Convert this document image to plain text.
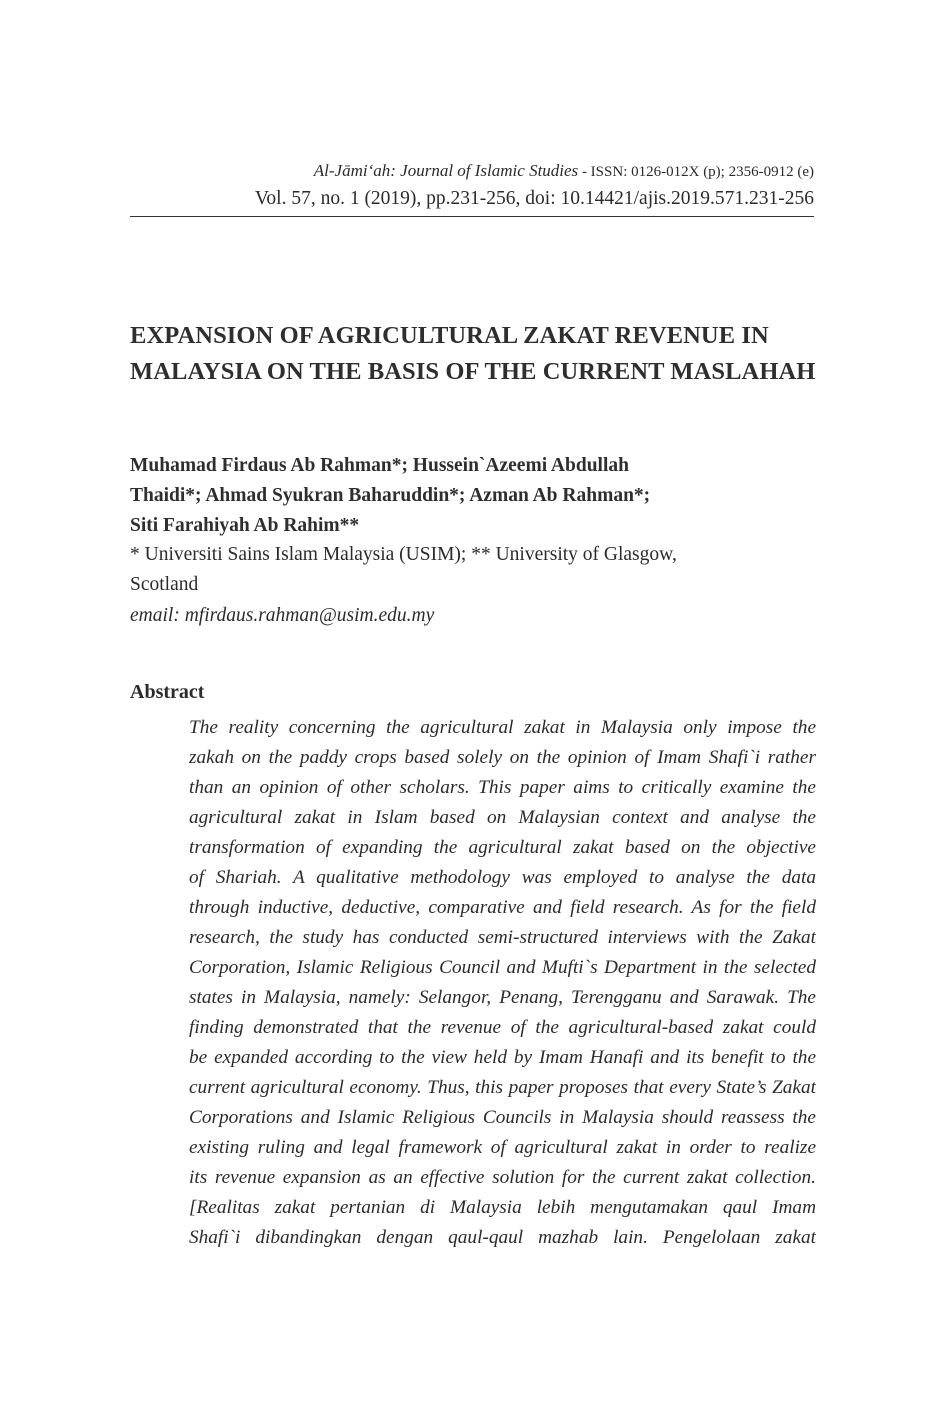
Al-Jāmi‘ah: Journal of Islamic Studies - ISSN: 0126-012X (p); 2356-0912 (e)
Vol. 57, no. 1 (2019), pp.231-256, doi: 10.14421/ajis.2019.571.231-256
EXPANSION OF AGRICULTURAL ZAKAT REVENUE IN MALAYSIA ON THE BASIS OF THE CURRENT MASLAHAH
Muhamad Firdaus Ab Rahman*; Hussein`Azeemi Abdullah
Thaidi*; Ahmad Syukran Baharuddin*; Azman Ab Rahman*;
Siti Farahiyah Ab Rahim**
* Universiti Sains Islam Malaysia (USIM); ** University of Glasgow,
Scotland
email: mfirdaus.rahman@usim.edu.my
Abstract
The reality concerning the agricultural zakat in Malaysia only impose the
zakah on the paddy crops based solely on the opinion of Imam Shafi`i rather
than an opinion of other scholars. This paper aims to critically examine the
agricultural zakat in Islam based on Malaysian context and analyse the
transformation of expanding the agricultural zakat based on the objective
of Shariah. A qualitative methodology was employed to analyse the data
through inductive, deductive, comparative and field research. As for the field
research, the study has conducted semi-structured interviews with the Zakat
Corporation, Islamic Religious Council and Mufti`s Department in the selected
states in Malaysia, namely: Selangor, Penang, Terengganu and Sarawak. The
finding demonstrated that the revenue of the agricultural-based zakat could
be expanded according to the view held by Imam Hanafi and its benefit to the
current agricultural economy. Thus, this paper proposes that every State’s Zakat
Corporations and Islamic Religious Councils in Malaysia should reassess the
existing ruling and legal framework of agricultural zakat in order to realize
its revenue expansion as an effective solution for the current zakat collection.
[Realitas zakat pertanian di Malaysia lebih mengutamakan qaul Imam
Shafi`i dibandingkan dengan qaul-qaul mazhab lain. Pengelolaan zakat
